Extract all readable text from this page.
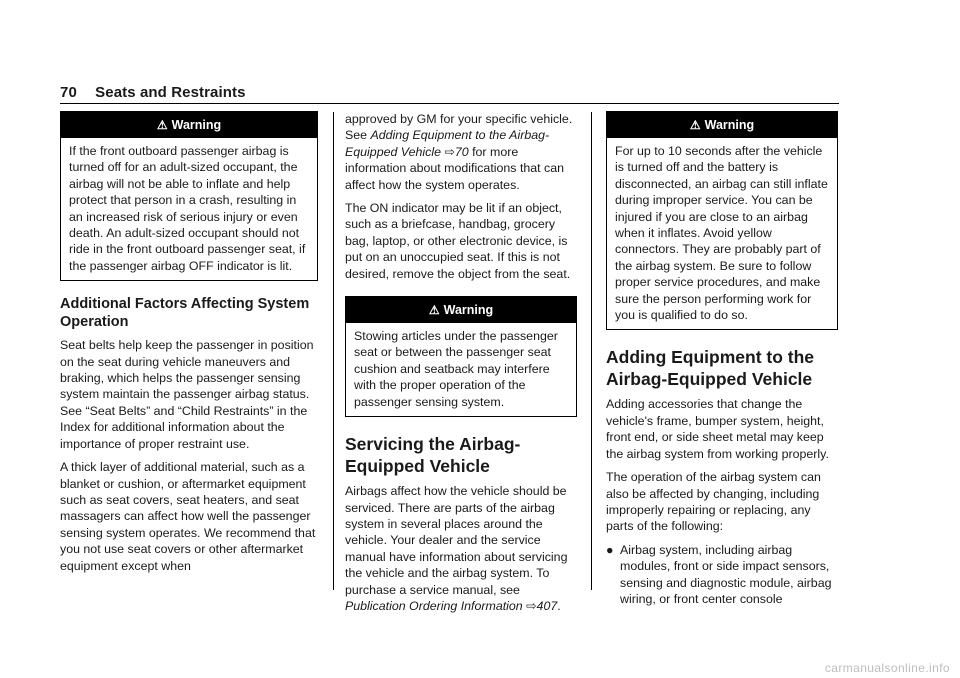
70 Seats and Restraints
⚠ Warning
If the front outboard passenger airbag is turned off for an adult-sized occupant, the airbag will not be able to inflate and help protect that person in a crash, resulting in an increased risk of serious injury or even death. An adult-sized occupant should not ride in the front outboard passenger seat, if the passenger airbag OFF indicator is lit.
Additional Factors Affecting System Operation

Seat belts help keep the passenger in position on the seat during vehicle maneuvers and braking, which helps the passenger sensing system maintain the passenger airbag status. See “Seat Belts” and “Child Restraints” in the Index for additional information about the importance of proper restraint use.

A thick layer of additional material, such as a blanket or cushion, or aftermarket equipment such as seat covers, seat heaters, and seat massagers can affect how well the passenger sensing system operates. We recommend that you not use seat covers or other aftermarket equipment except when

approved by GM for your specific vehicle. See Adding Equipment to the Airbag-Equipped Vehicle ⇨70 for more information about modifications that can affect how the system operates.

The ON indicator may be lit if an object, such as a briefcase, handbag, grocery bag, laptop, or other electronic device, is put on an unoccupied seat. If this is not desired, remove the object from the seat.

⚠ Warning
Stowing articles under the passenger seat or between the passenger seat cushion and seatback may interfere with the proper operation of the passenger sensing system.
Servicing the Airbag-Equipped Vehicle

Airbags affect how the vehicle should be serviced. There are parts of the airbag system in several places around the vehicle. Your dealer and the service manual have information about servicing the vehicle and the airbag system. To purchase a service manual, see Publication Ordering Information ⇨407.

⚠ Warning
For up to 10 seconds after the vehicle is turned off and the battery is disconnected, an airbag can still inflate during improper service. You can be injured if you are close to an airbag when it inflates. Avoid yellow connectors. They are probably part of the airbag system. Be sure to follow proper service procedures, and make sure the person performing work for you is qualified to do so.
Adding Equipment to the Airbag-Equipped Vehicle

Adding accessories that change the vehicle's frame, bumper system, height, front end, or side sheet metal may keep the airbag system from working properly.

The operation of the airbag system can also be affected by changing, including improperly repairing or replacing, any parts of the following:

● Airbag system, including airbag modules, front or side impact sensors, sensing and diagnostic module, airbag wiring, or front center console
carmanualsonline.info
